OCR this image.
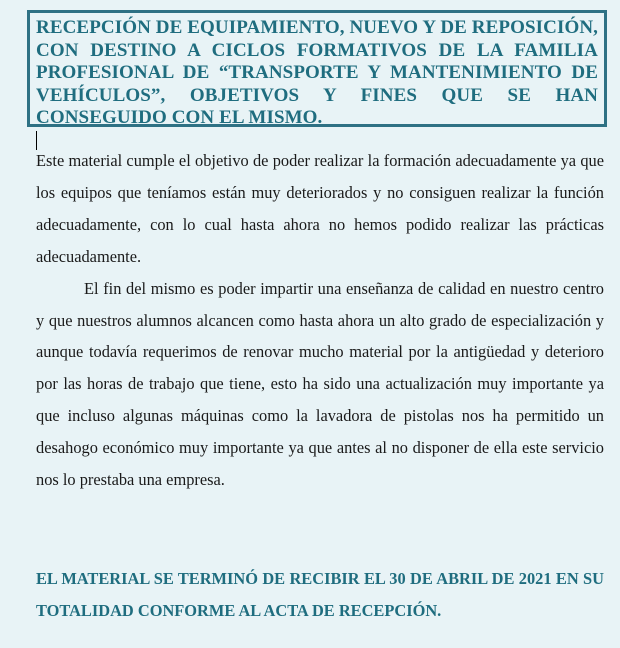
RECEPCIÓN DE EQUIPAMIENTO, NUEVO Y DE REPOSICIÓN, CON DESTINO A CICLOS FORMATIVOS DE LA FAMILIA PROFESIONAL DE “TRANSPORTE Y MANTENIMIENTO DE VEHÍCULOS”, OBJETIVOS Y FINES QUE SE HAN CONSEGUIDO CON EL MISMO.

Este material cumple el objetivo de poder realizar la formación adecuadamente ya que los equipos que teníamos están muy deteriorados y no consiguen realizar la función adecuadamente, con lo cual hasta ahora no hemos podido realizar las prácticas adecuadamente.

El fin del mismo es poder impartir una enseñanza de calidad en nuestro centro y que nuestros alumnos alcancen como hasta ahora un alto grado de especialización y aunque todavía requerimos de renovar mucho material por la antigüedad y deterioro por las horas de trabajo que tiene, esto ha sido una actualización muy importante ya que incluso algunas máquinas como la lavadora de pistolas nos ha permitido un desahogo económico muy importante ya que antes al no disponer de ella este servicio nos lo prestaba una empresa.

EL MATERIAL SE TERMINÓ DE RECIBIR EL 30 DE ABRIL DE 2021 EN SU TOTALIDAD CONFORME AL ACTA DE RECEPCIÓN.
